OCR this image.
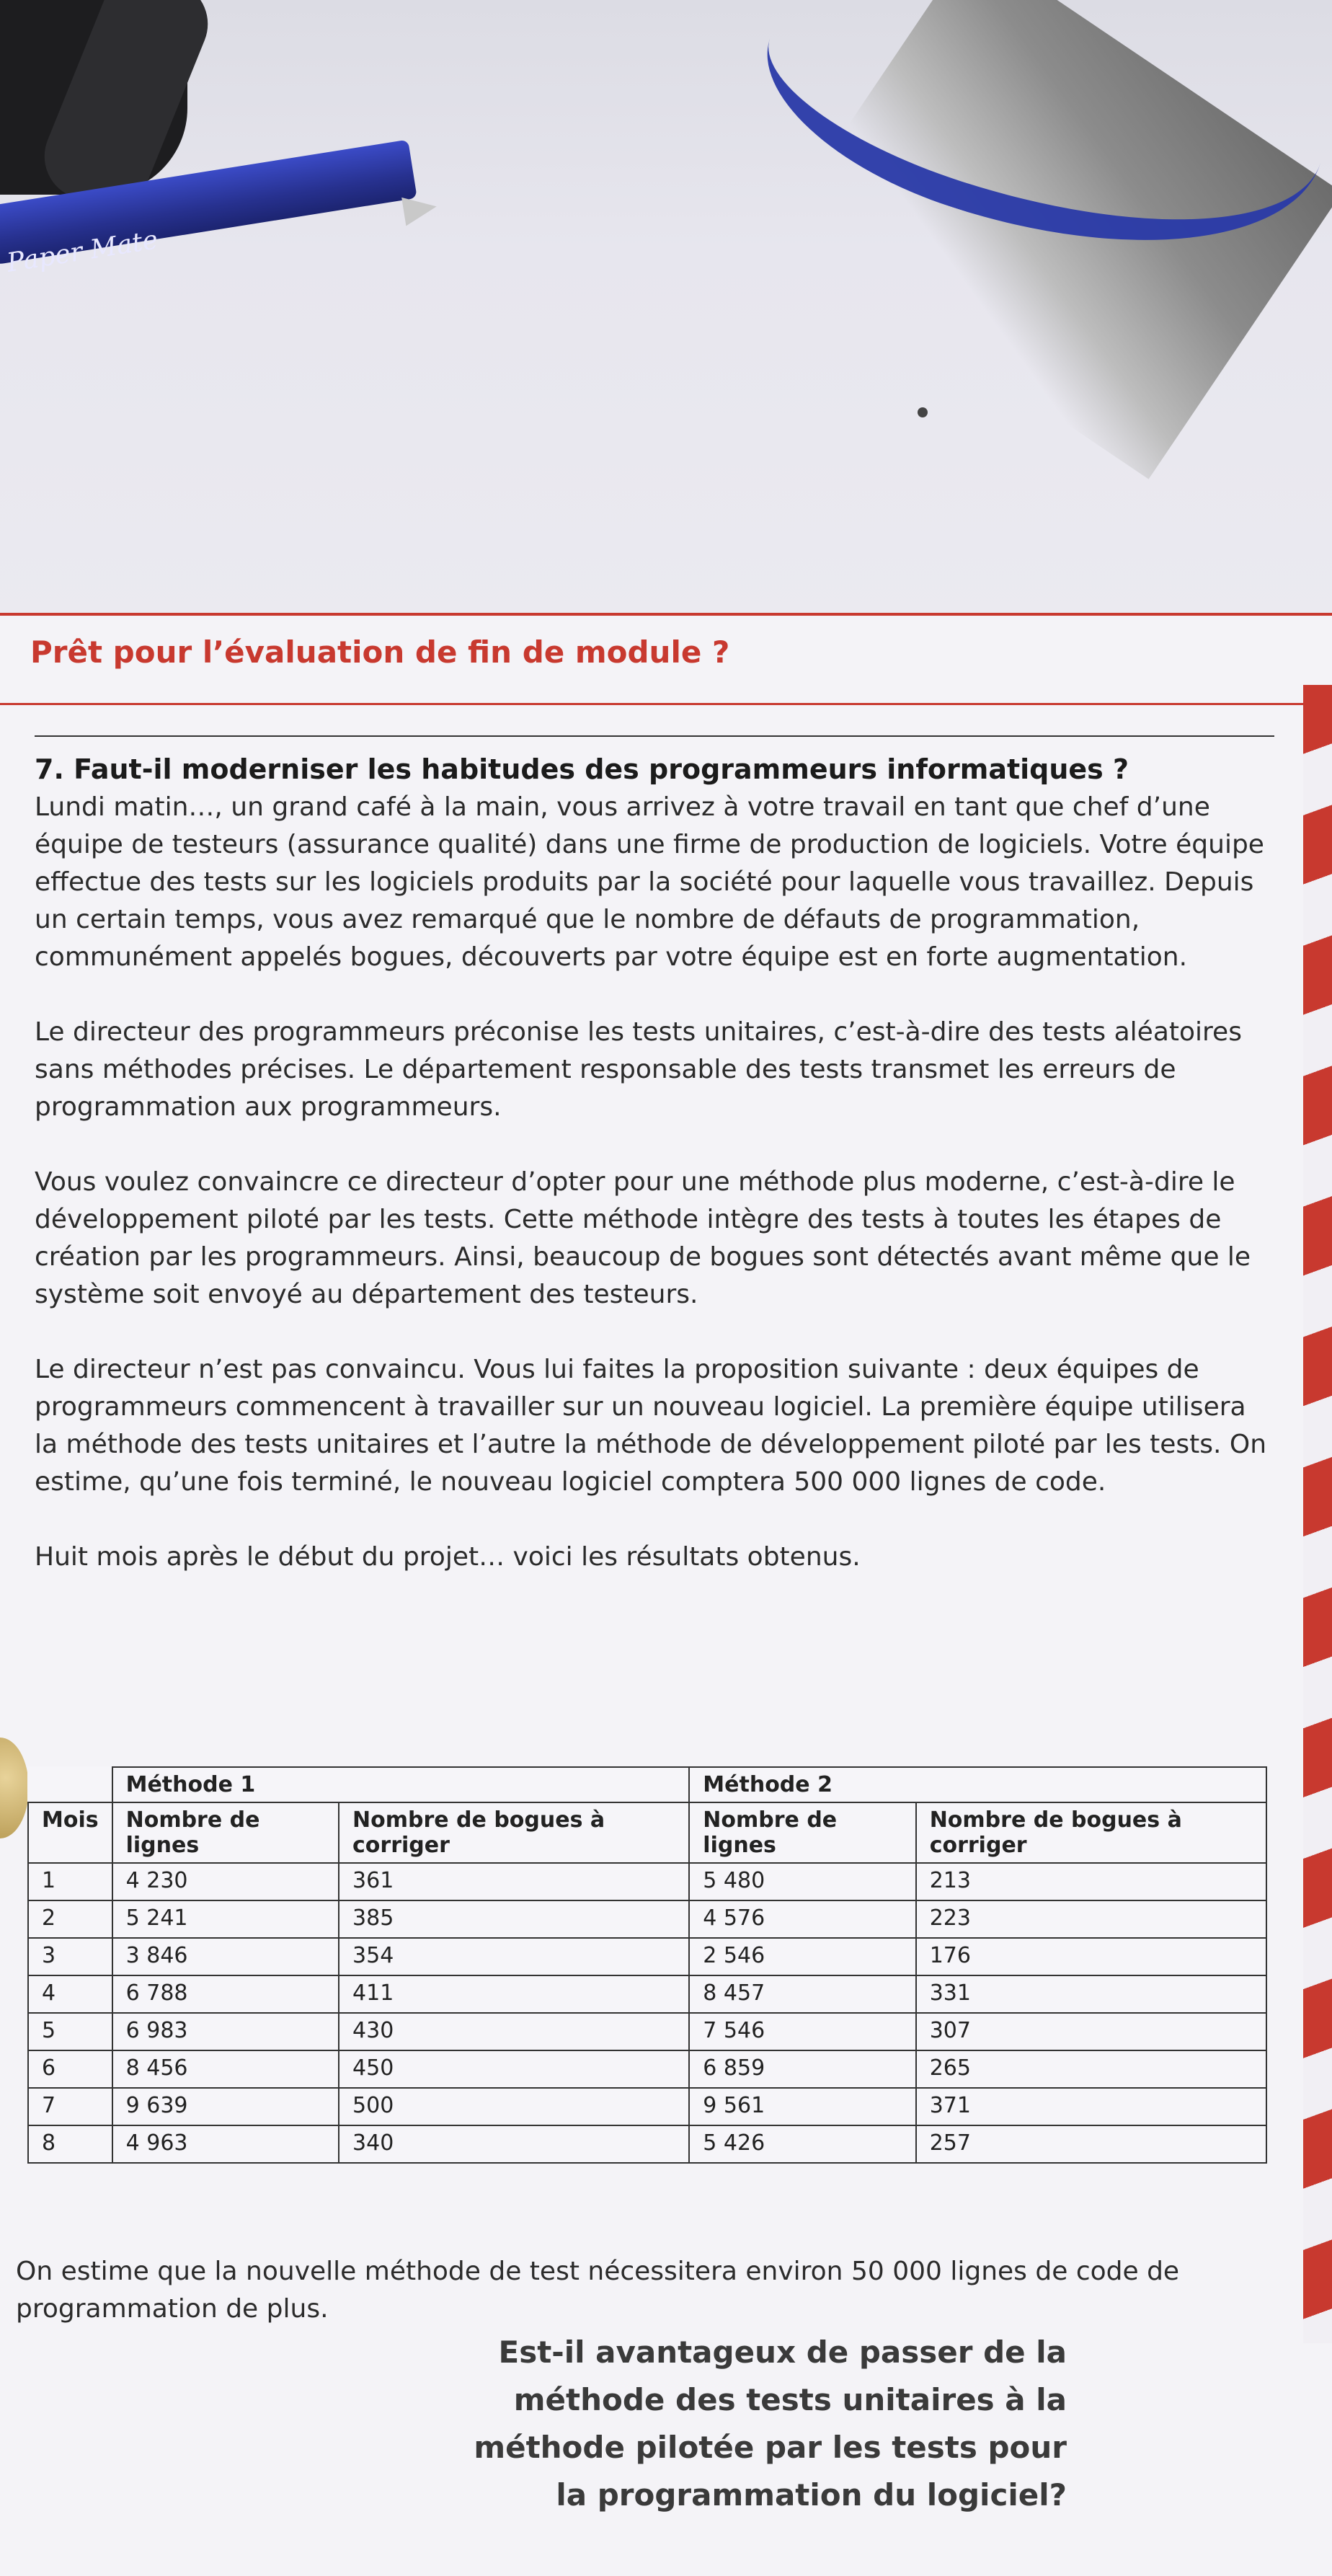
Paper Mate
Prêt pour l’évaluation de fin de module ?
7. Faut-il moderniser les habitudes des programmeurs informatiques ?

Lundi matin…, un grand café à la main, vous arrivez à votre travail en tant que chef d’une équipe de testeurs (assurance qualité) dans une firme de production de logiciels. Votre équipe effectue des tests sur les logiciels produits par la société pour laquelle vous travaillez. Depuis un certain temps, vous avez remarqué que le nombre de défauts de programmation, communément appelés bogues, découverts par votre équipe est en forte augmentation.

Le directeur des programmeurs préconise les tests unitaires, c’est-à-dire des tests aléatoires sans méthodes précises. Le département responsable des tests transmet les erreurs de programmation aux programmeurs.

Vous voulez convaincre ce directeur d’opter pour une méthode plus moderne, c’est-à-dire le développement piloté par les tests. Cette méthode intègre des tests à toutes les étapes de création par les programmeurs. Ainsi, beaucoup de bogues sont détectés avant même que le système soit envoyé au département des testeurs.

Le directeur n’est pas convaincu. Vous lui faites la proposition suivante : deux équipes de programmeurs commencent à travailler sur un nouveau logiciel. La première équipe utilisera la méthode des tests unitaires et l’autre la méthode de développement piloté par les tests. On estime, qu’une fois terminé, le nouveau logiciel comptera 500 000 lignes de code.

Huit mois après le début du projet… voici les résultats obtenus.

	Méthode 1		Méthode 2	
Mois	Nombre de lignes	Nombre de bogues à corriger	Nombre de lignes	Nombre de bogues à corriger
1	4 230	361	5 480	213
2	5 241	385	4 576	223
3	3 846	354	2 546	176
4	6 788	411	8 457	331
5	6 983	430	7 546	307
6	8 456	450	6 859	265
7	9 639	500	9 561	371
8	4 963	340	5 426	257

On estime que la nouvelle méthode de test nécessitera environ 50 000 lignes de code de programmation de plus.

Est-il avantageux de passer de la méthode des tests unitaires à la méthode pilotée par les tests pour la programmation du logiciel?
